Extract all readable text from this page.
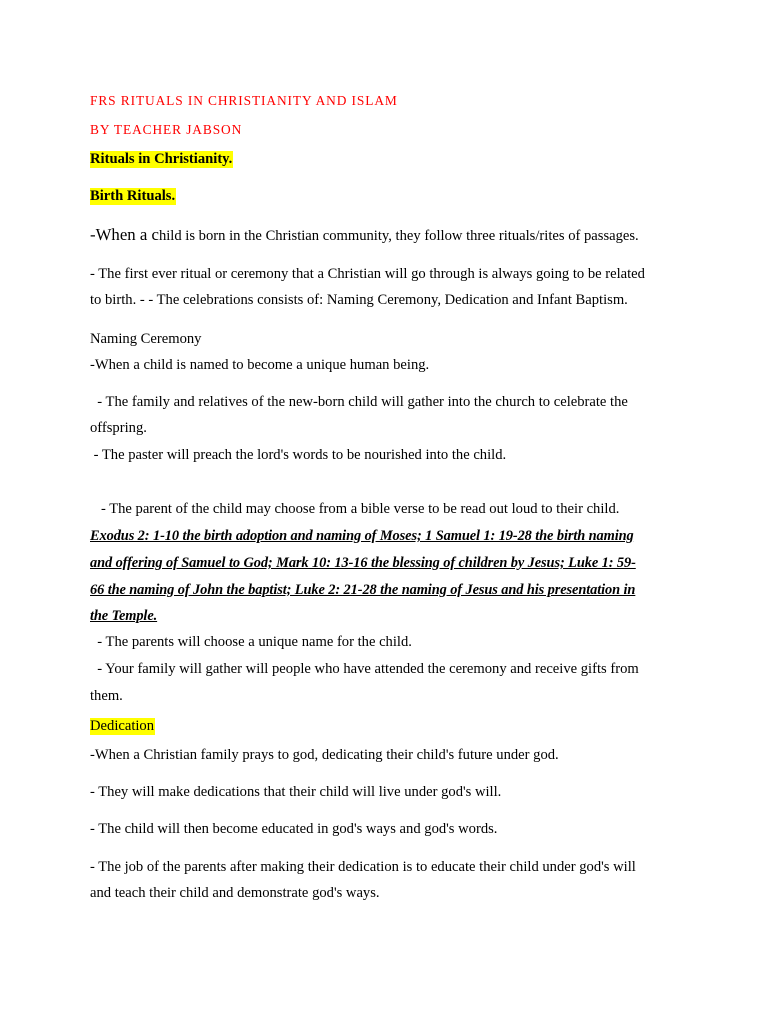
FRS RITUALS IN CHRISTIANITY AND ISLAM
BY TEACHER JABSON
Rituals in Christianity.
Birth Rituals.
-When a child is born in the Christian community, they follow three rituals/rites of passages.
- The first ever ritual or ceremony that a Christian will go through is always going to be related
to birth. - - The celebrations consists of: Naming Ceremony, Dedication and Infant Baptism.
Naming Ceremony
-When a child is named to become a unique human being.
- The family and relatives of the new-born child will gather into the church to celebrate the
offspring.
- The paster will preach the lord's words to be nourished into the child.
- The parent of the child may choose from a bible verse to be read out loud to their child.
Exodus 2: 1-10 the birth adoption and naming of Moses; 1 Samuel 1: 19-28 the birth naming
and offering of Samuel to God; Mark 10: 13-16 the blessing of children by Jesus; Luke 1: 59-
66 the naming of John the baptist; Luke 2: 21-28 the naming of Jesus and his presentation in
the Temple.
- The parents will choose a unique name for the child.
- Your family will gather will people who have attended the ceremony and receive gifts from
them.
Dedication
-When a Christian family prays to god, dedicating their child's future under god.
- They will make dedications that their child will live under god's will.
- The child will then become educated in god's ways and god's words.
- The job of the parents after making their dedication is to educate their child under god's will
and teach their child and demonstrate god's ways.
